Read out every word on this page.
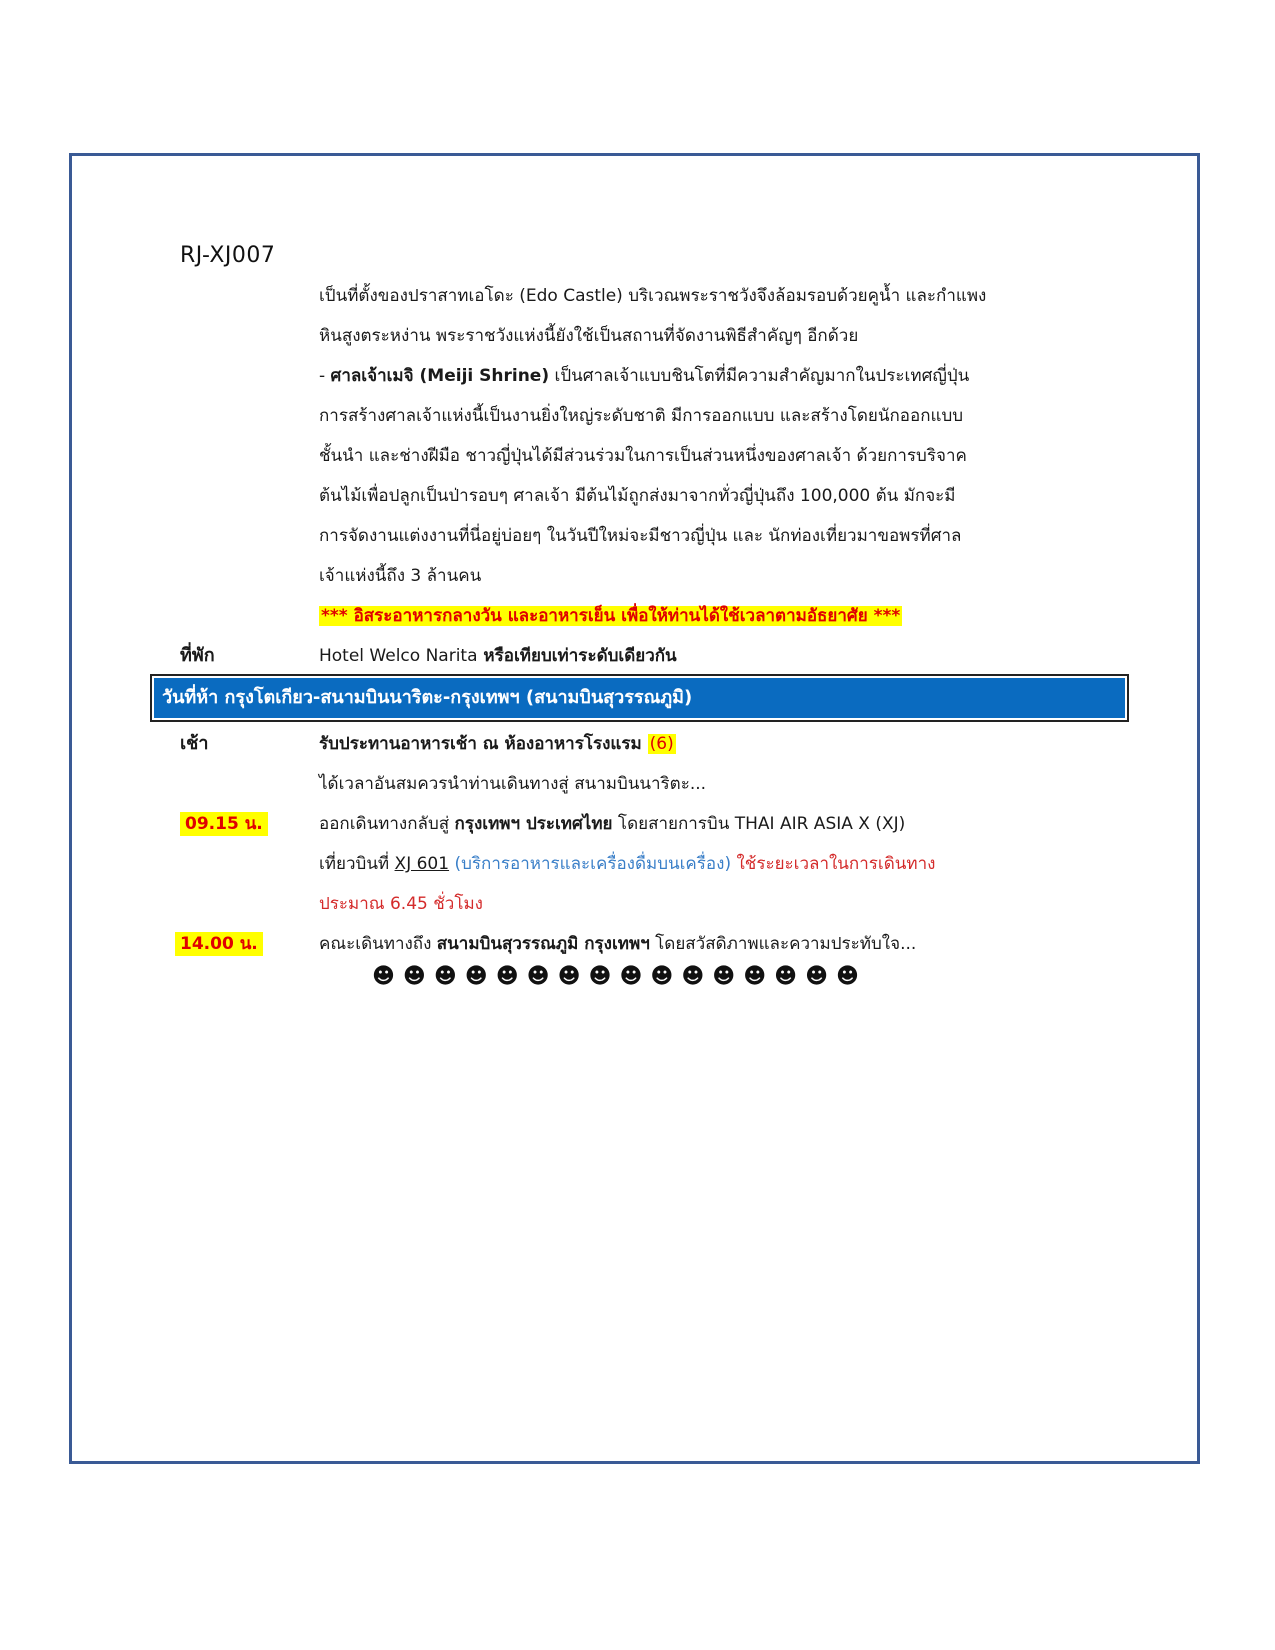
RJ-XJ007
เป็นที่ตั้งของปราสาทเอโดะ (Edo Castle) บริเวณพระราชวังจึงล้อมรอบด้วยคูน้ำ และกำแพง
หินสูงตระหง่าน พระราชวังแห่งนี้ยังใช้เป็นสถานที่จัดงานพิธีสำคัญๆ อีกด้วย
- ศาลเจ้าเมจิ (Meiji Shrine) เป็นศาลเจ้าแบบชินโตที่มีความสำคัญมากในประเทศญี่ปุ่น
การสร้างศาลเจ้าแห่งนี้เป็นงานยิ่งใหญ่ระดับชาติ มีการออกแบบ และสร้างโดยนักออกแบบ
ชั้นนำ และช่างฝีมือ ชาวญี่ปุ่นได้มีส่วนร่วมในการเป็นส่วนหนึ่งของศาลเจ้า ด้วยการบริจาค
ต้นไม้เพื่อปลูกเป็นป่ารอบๆ ศาลเจ้า มีต้นไม้ถูกส่งมาจากทั่วญี่ปุ่นถึง 100,000 ต้น มักจะมี
การจัดงานแต่งงานที่นี่อยู่บ่อยๆ ในวันปีใหม่จะมีชาวญี่ปุ่น และ นักท่องเที่ยวมาขอพรที่ศาล
เจ้าแห่งนี้ถึง 3 ล้านคน
*** อิสระอาหารกลางวัน และอาหารเย็น เพื่อให้ท่านได้ใช้เวลาตามอัธยาศัย ***
ที่พัก	Hotel Welco Narita หรือเทียบเท่าระดับเดียวกัน
วันที่ห้า กรุงโตเกียว-สนามบินนาริตะ-กรุงเทพฯ (สนามบินสุวรรณภูมิ)
เช้า	รับประทานอาหารเช้า ณ ห้องอาหารโรงแรม (6)
ได้เวลาอันสมควรนำท่านเดินทางสู่ สนามบินนาริตะ...
09.15 น.	ออกเดินทางกลับสู่ กรุงเทพฯ ประเทศไทย โดยสายการบิน THAI AIR ASIA X (XJ)
เที่ยวบินที่ XJ 601 (บริการอาหารและเครื่องดื่มบนเครื่อง) ใช้ระยะเวลาในการเดินทาง
ประมาณ 6.45 ชั่วโมง
14.00 น.	คณะเดินทางถึง สนามบินสุวรรณภูมิ กรุงเทพฯ โดยสวัสดิภาพและความประทับใจ...
☻☻☻☻☻☻☻☻☻☻☻☻☻☻☻☻
